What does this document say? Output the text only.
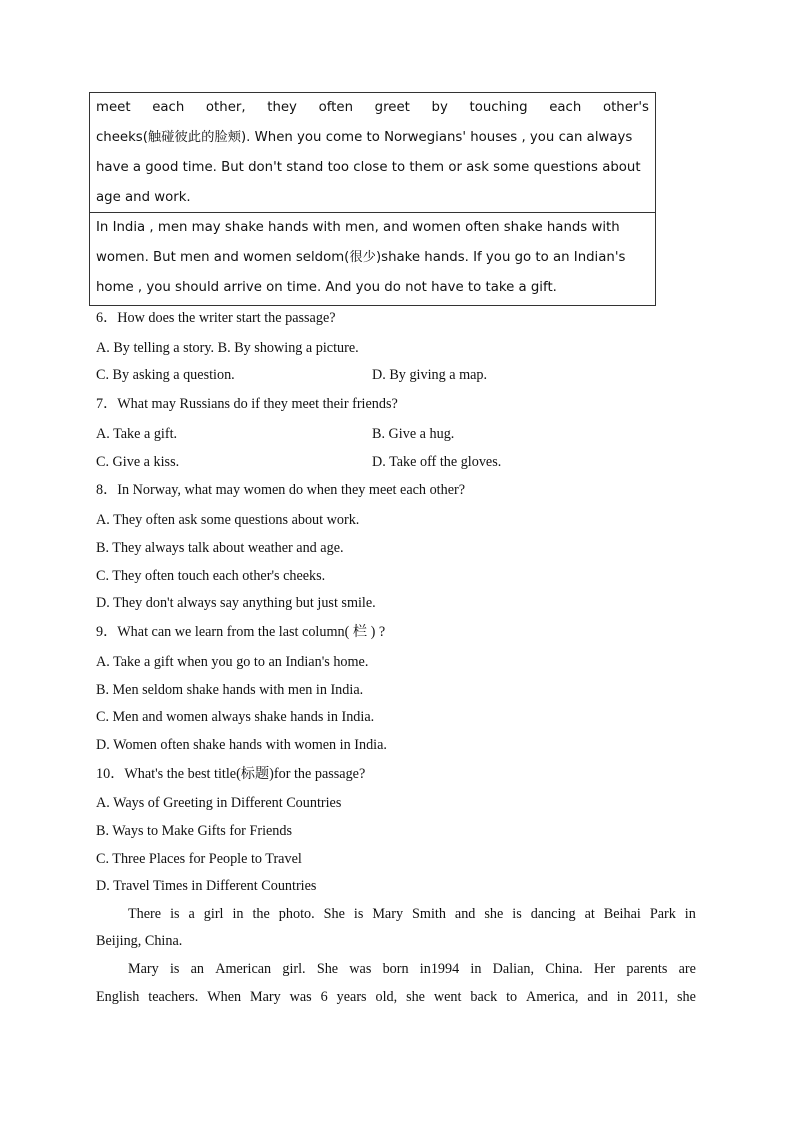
meet each other, they often greet by touching each other's
cheeks(触碰彼此的脸颊). When you come to Norwegians' houses , you can always
have a good time. But don't stand too close to them or ask some questions about
age and work.
In India , men may shake hands with men, and women often shake hands with
women. But men and women seldom(很少)shake hands. If you go to an Indian's
home , you should arrive on time. And you do not have to take a gift.
6．How does the writer start the passage?
A. By telling a story. B. By showing a picture.
C. By asking a question.	D. By giving a map.
7．What may Russians do if they meet their friends?
A. Take a gift.	B. Give a hug.
C. Give a kiss.	D. Take off the gloves.
8．In Norway, what may women do when they meet each other?
A. They often ask some questions about work.
B. They always talk about weather and age.
C. They often touch each other's cheeks.
D. They don't always say anything but just smile.
9．What can we learn from the last column( 栏 ) ?
A. Take a gift when you go to an Indian's home.
B. Men seldom shake hands with men in India.
C. Men and women always shake hands in India.
D. Women often shake hands with women in India.
10．What's the best title(标题)for the passage?
A. Ways of Greeting in Different Countries
B. Ways to Make Gifts for Friends
C. Three Places for People to Travel
D. Travel Times in Different Countries
There is a girl in the photo. She is Mary Smith and she is dancing at Beihai Park in
Beijing, China.
Mary is an American girl. She was born in1994 in Dalian, China. Her parents are
English teachers. When Mary was 6 years old, she went back to America, and in 2011, she
